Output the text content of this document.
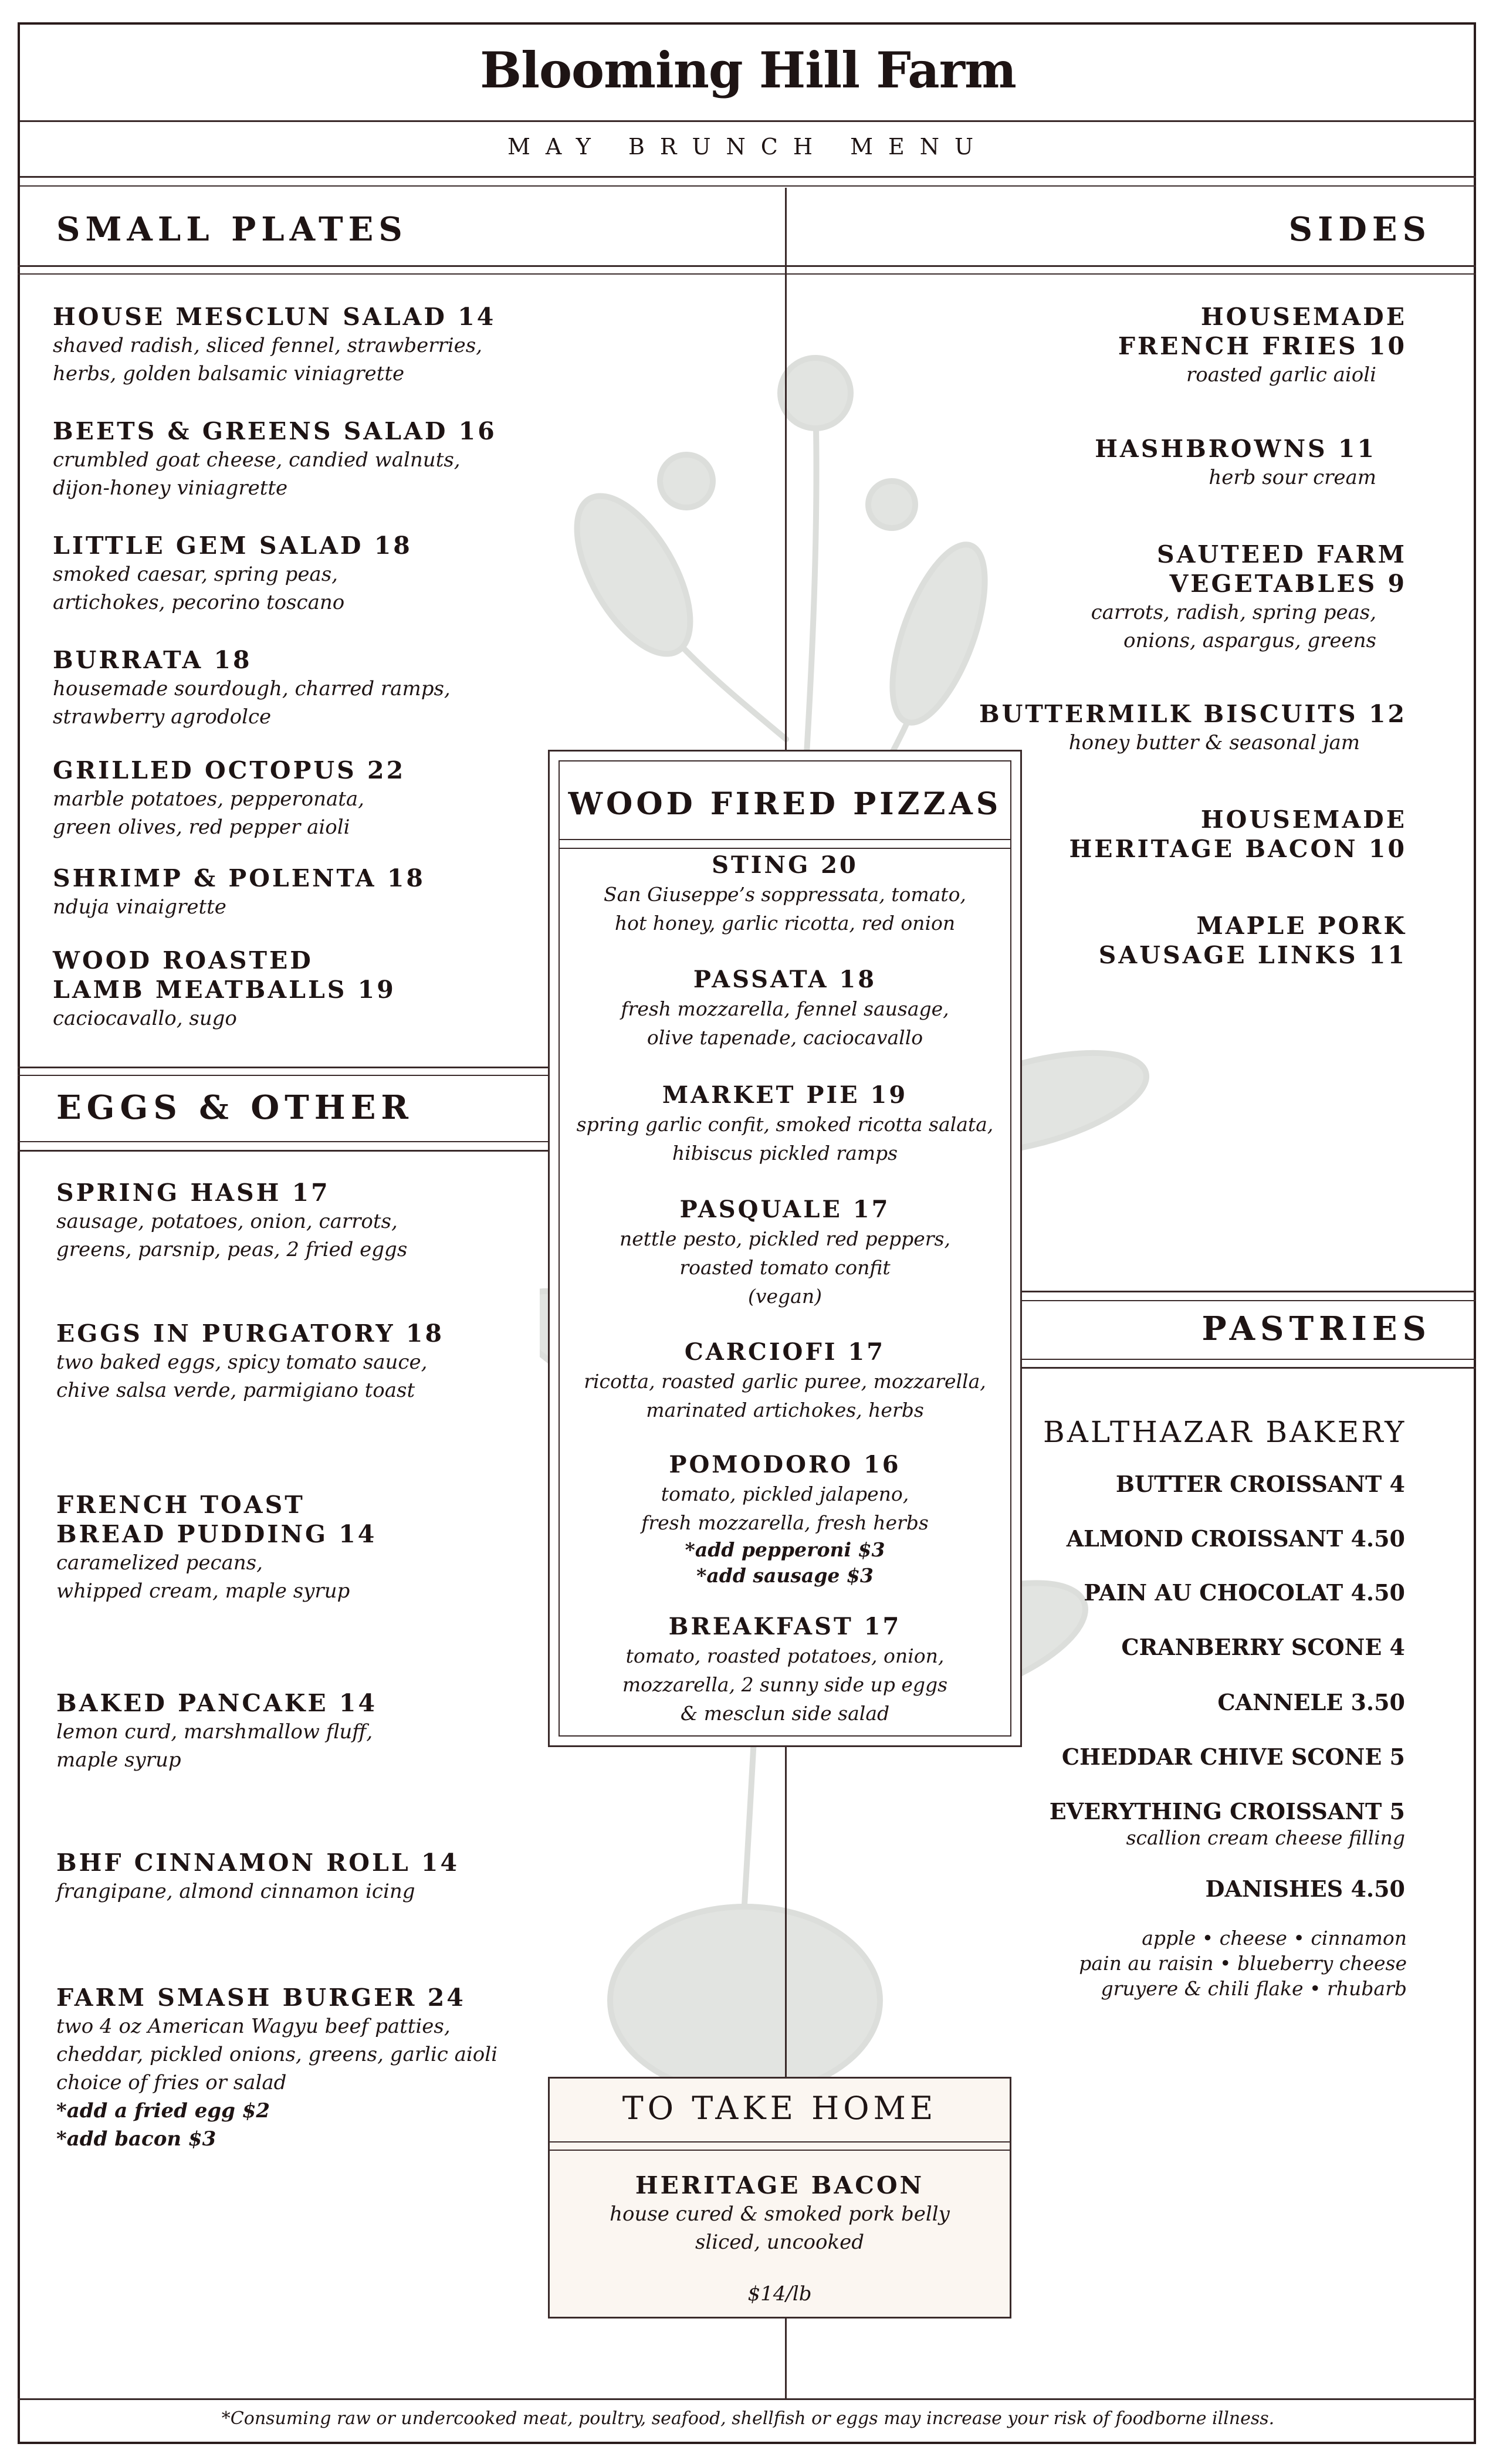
Blooming Hill Farm
MAY BRUNCH MENU
SMALL PLATES	SIDES
HOUSE MESCLUN SALAD 14
shaved radish, sliced fennel, strawberries,
herbs, golden balsamic viniagrette
BEETS & GREENS SALAD 16
crumbled goat cheese, candied walnuts,
dijon-honey viniagrette
LITTLE GEM SALAD 18
smoked caesar, spring peas,
artichokes, pecorino toscano
BURRATA 18
housemade sourdough, charred ramps,
strawberry agrodolce
GRILLED OCTOPUS 22
marble potatoes, pepperonata,
green olives, red pepper aioli
SHRIMP & POLENTA 18
nduja vinaigrette
WOOD ROASTED
LAMB MEATBALLS 19
caciocavallo, sugo
EGGS & OTHER
SPRING HASH 17
sausage, potatoes, onion, carrots,
greens, parsnip, peas, 2 fried eggs
EGGS IN PURGATORY 18
two baked eggs, spicy tomato sauce,
chive salsa verde, parmigiano toast
FRENCH TOAST
BREAD PUDDING 14
caramelized pecans,
whipped cream, maple syrup
BAKED PANCAKE 14
lemon curd, marshmallow fluff,
maple syrup
BHF CINNAMON ROLL 14
frangipane, almond cinnamon icing
FARM SMASH BURGER 24
two 4 oz American Wagyu beef patties,
cheddar, pickled onions, greens, garlic aioli
choice of fries or salad
*add a fried egg $2
*add bacon $3
HOUSEMADE
FRENCH FRIES 10
roasted garlic aioli
HASHBROWNS 11
herb sour cream
SAUTEED FARM
VEGETABLES 9
carrots, radish, spring peas,
onions, aspargus, greens
BUTTERMILK BISCUITS 12
honey butter & seasonal jam
HOUSEMADE
HERITAGE BACON 10
MAPLE PORK
SAUSAGE LINKS 11
WOOD FIRED PIZZAS
STING 20
San Giuseppe’s soppressata, tomato,
hot honey, garlic ricotta, red onion
PASSATA 18
fresh mozzarella, fennel sausage,
olive tapenade, caciocavallo
MARKET PIE 19
spring garlic confit, smoked ricotta salata,
hibiscus pickled ramps
PASQUALE 17
nettle pesto, pickled red peppers,
roasted tomato confit
(vegan)
CARCIOFI 17
ricotta, roasted garlic puree, mozzarella,
marinated artichokes, herbs
POMODORO 16
tomato, pickled jalapeno,
fresh mozzarella, fresh herbs
*add pepperoni $3
*add sausage $3
BREAKFAST 17
tomato, roasted potatoes, onion,
mozzarella, 2 sunny side up eggs
& mesclun side salad
PASTRIES
BALTHAZAR BAKERY
BUTTER CROISSANT 4
ALMOND CROISSANT 4.50
PAIN AU CHOCOLAT 4.50
CRANBERRY SCONE 4
CANNELE 3.50
CHEDDAR CHIVE SCONE 5
EVERYTHING CROISSANT 5
scallion cream cheese filling
DANISHES 4.50
apple • cheese • cinnamon
pain au raisin • blueberry cheese
gruyere & chili flake • rhubarb
TO TAKE HOME
HERITAGE BACON
house cured & smoked pork belly
sliced, uncooked
$14/lb
*Consuming raw or undercooked meat, poultry, seafood, shellfish or eggs may increase your risk of foodborne illness.
